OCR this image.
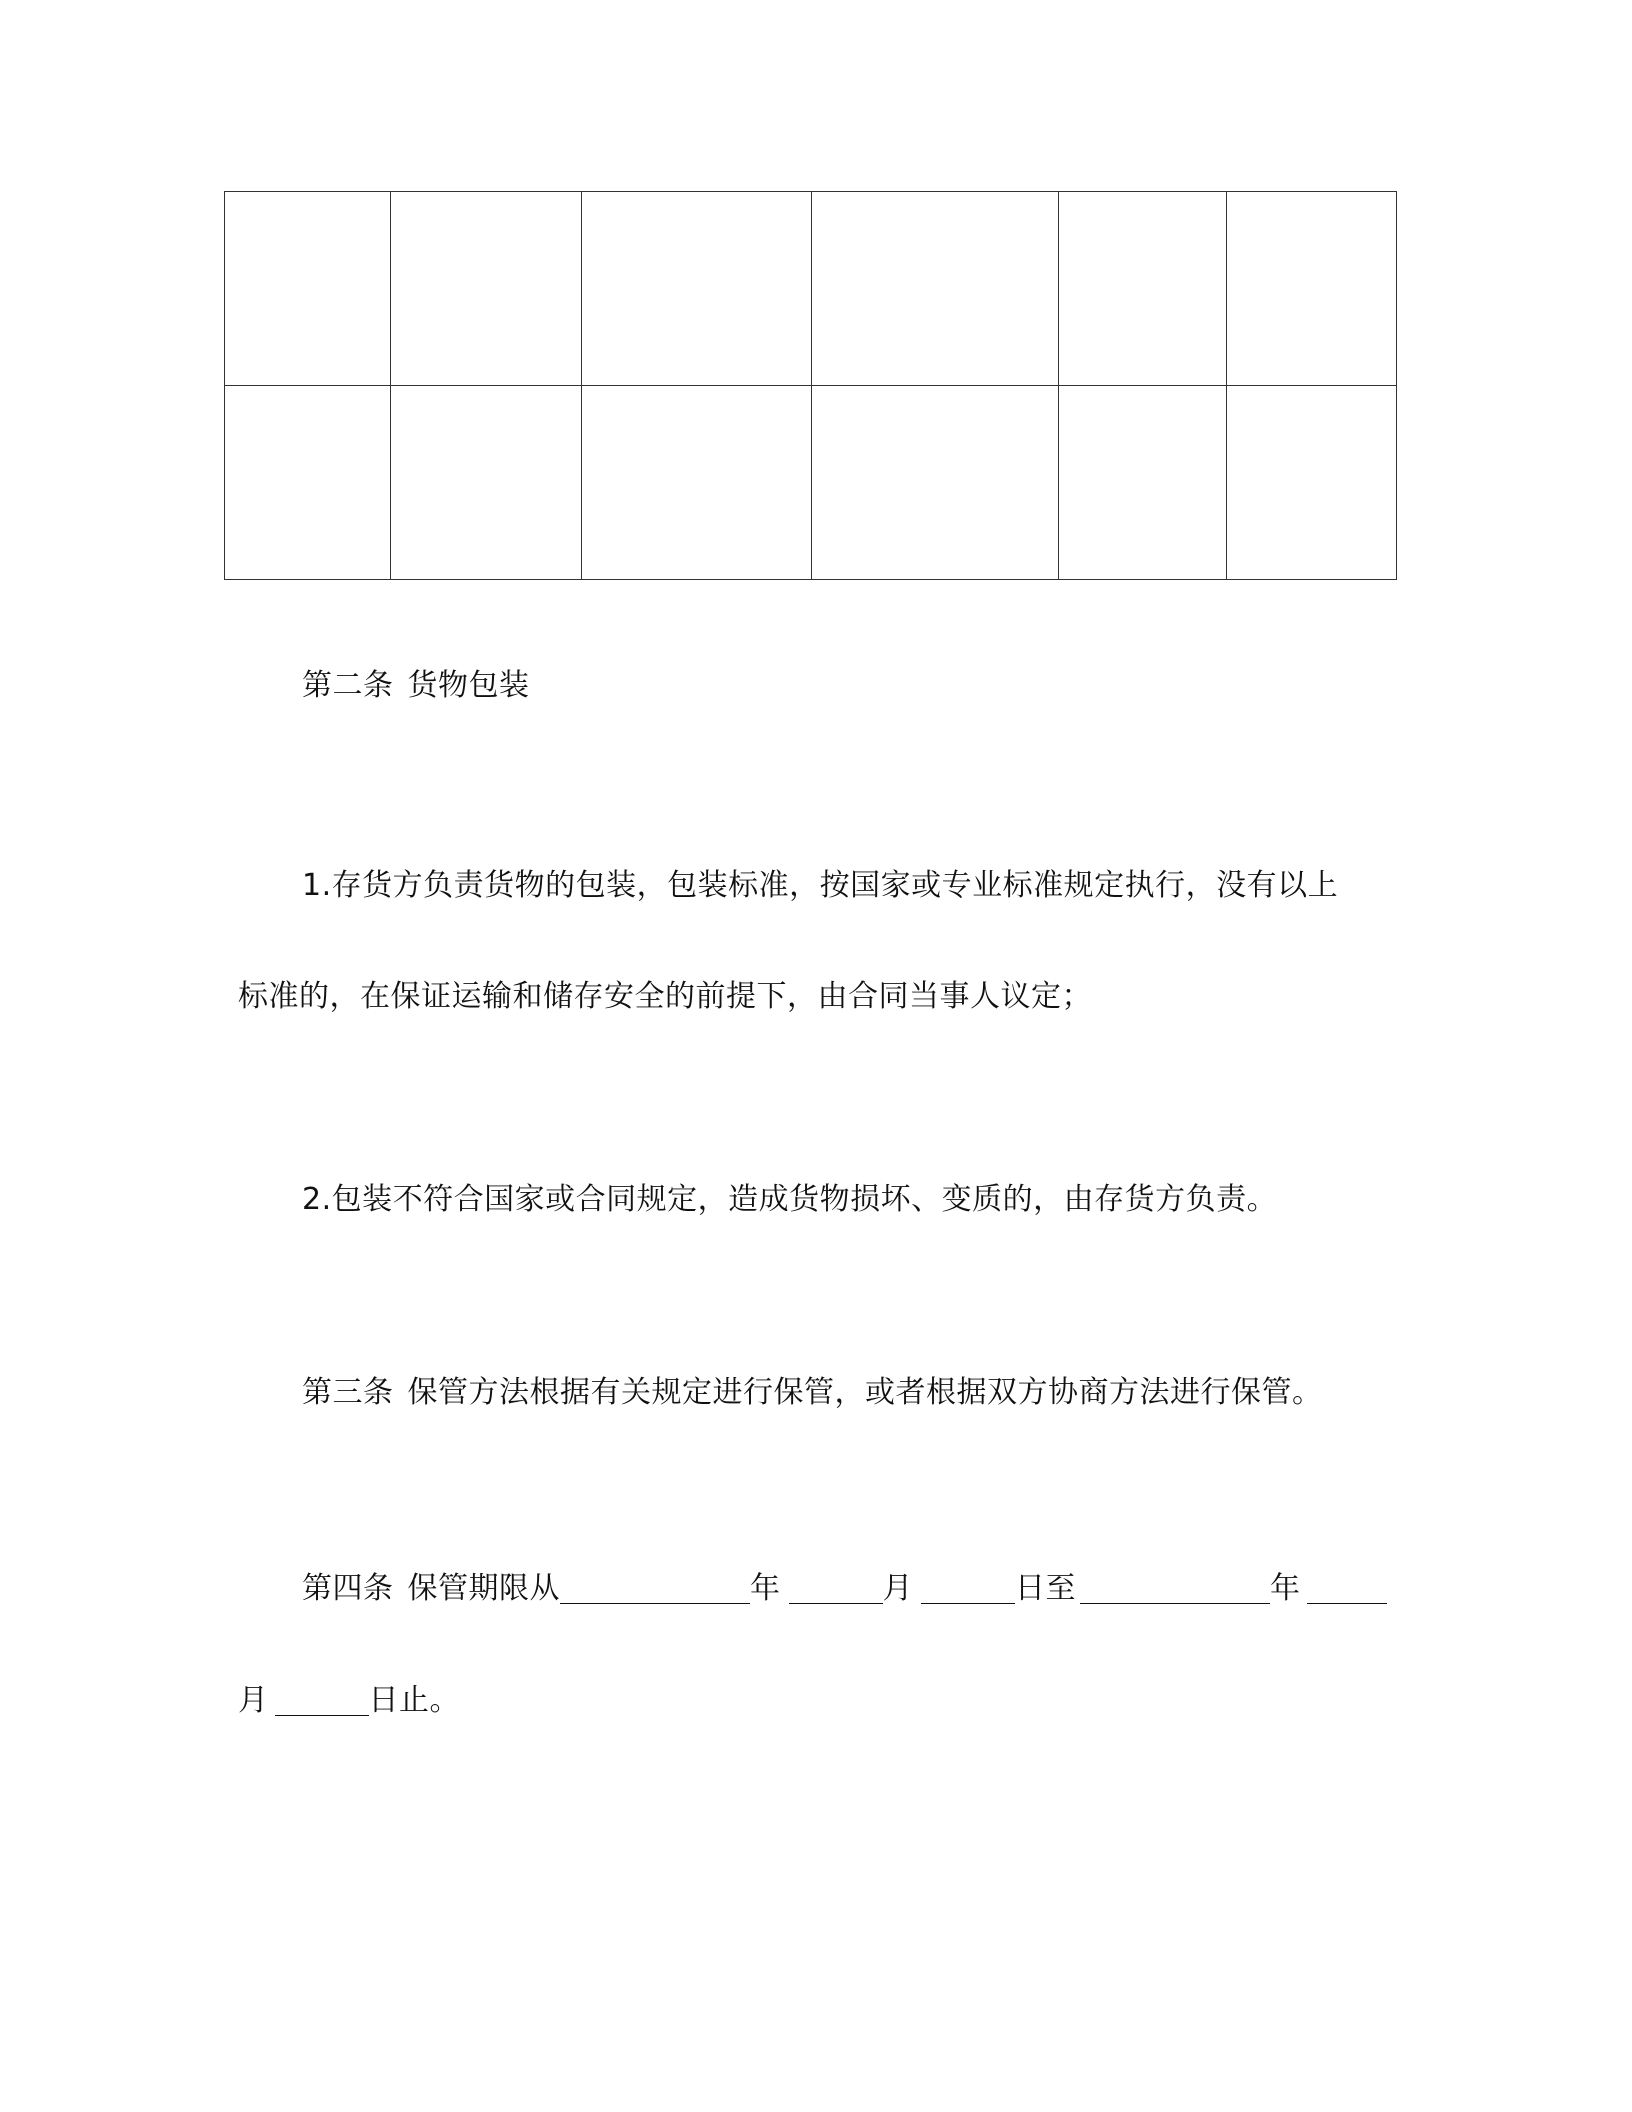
第二条 货物包装
1.存货方负责货物的包装，包装标准，按国家或专业标准规定执行，没有以上
标准的，在保证运输和储存安全的前提下，由合同当事人议定；
2.包装不符合国家或合同规定，造成货物损坏、变质的，由存货方负责。
第三条 保管方法根据有关规定进行保管，或者根据双方协商方法进行保管。
第四条 保管期限从	年	月	日至	年
月	日止。
